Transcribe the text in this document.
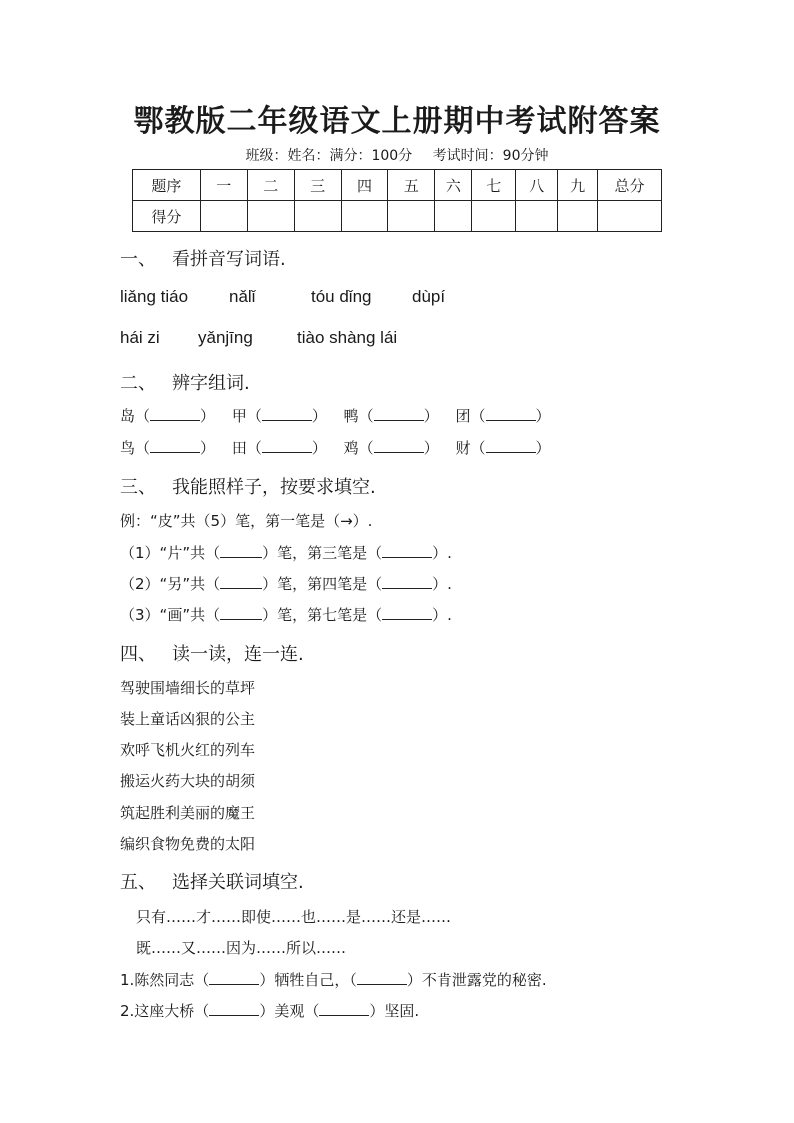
鄂教版二年级语文上册期中考试附答案
班级：姓名：满分：100分 考试时间：90分钟
题序	一	二	三	四	五	六	七	八	九	总分
得分										
一、 看拼音写词语.
liǎng tiáo nǎlǐ	tóu dǐng dùpí
hái zi yǎnjīng	tiào shàng lái
二、 辨字组词.
岛（	） 甲（	） 鸭（	） 团（	）
鸟（	） 田（	） 鸡（	） 财（	）
三、 我能照样子，按要求填空.
例：“皮”共（5）笔，第一笔是（→）.
（1）“片”共（	）笔，第三笔是（	）.
（2）“另”共（	）笔，第四笔是（	）.
（3）“画”共（	）笔，第七笔是（	）.
四、 读一读，连一连.
驾驶围墙细长的草坪
装上童话凶狠的公主
欢呼飞机火红的列车
搬运火药大块的胡须
筑起胜利美丽的魔王
编织食物免费的太阳
五、 选择关联词填空.
只有……才……即使……也……是……还是……
既……又……因为……所以……
1.陈然同志（	）牺牲自己，（	）不肯泄露党的秘密.
2.这座大桥（	）美观（	）坚固.
